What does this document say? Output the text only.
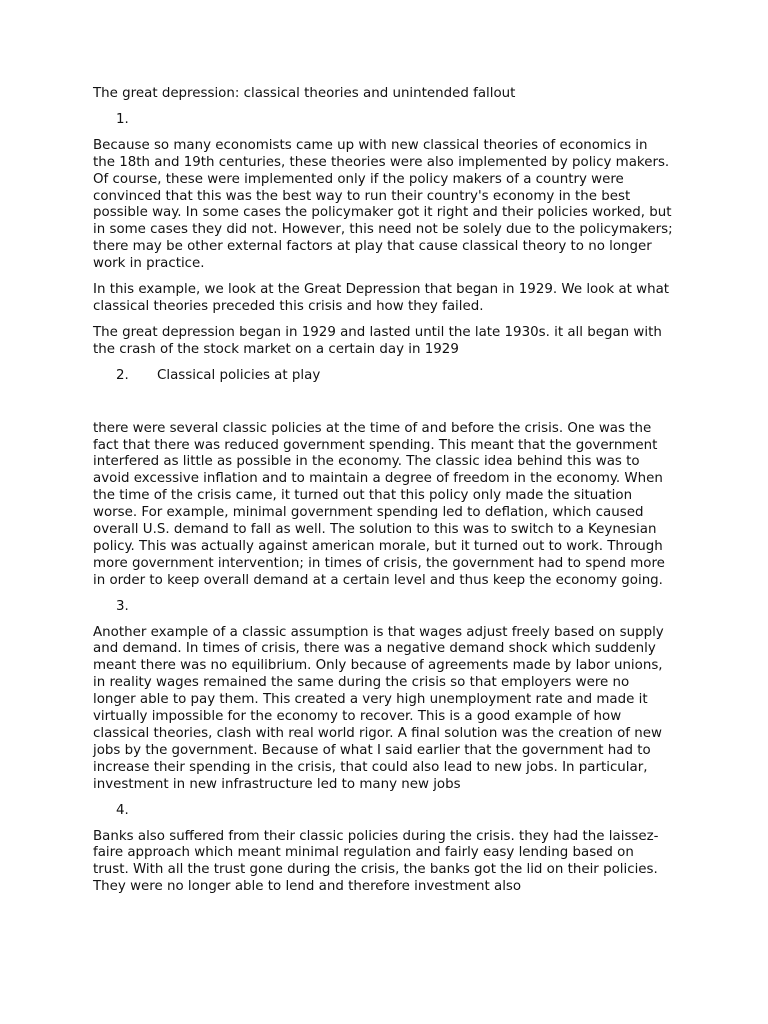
The great depression: classical theories and unintended fallout

1.

Because so many economists came up with new classical theories of economics in the 18th and 19th centuries, these theories were also implemented by policy makers. Of course, these were implemented only if the policy makers of a country were convinced that this was the best way to run their country's economy in the best possible way. In some cases the policymaker got it right and their policies worked, but in some cases they did not. However, this need not be solely due to the policymakers; there may be other external factors at play that cause classical theory to no longer work in practice.

In this example, we look at the Great Depression that began in 1929. We look at what classical theories preceded this crisis and how they failed.

The great depression began in 1929 and lasted until the late 1930s. it all began with the crash of the stock market on a certain day in 1929

2. Classical policies at play

there were several classic policies at the time of and before the crisis. One was the fact that there was reduced government spending. This meant that the government interfered as little as possible in the economy. The classic idea behind this was to avoid excessive inflation and to maintain a degree of freedom in the economy. When the time of the crisis came, it turned out that this policy only made the situation worse. For example, minimal government spending led to deflation, which caused overall U.S. demand to fall as well. The solution to this was to switch to a Keynesian policy. This was actually against american morale, but it turned out to work. Through more government intervention; in times of crisis, the government had to spend more in order to keep overall demand at a certain level and thus keep the economy going.

3.

Another example of a classic assumption is that wages adjust freely based on supply and demand. In times of crisis, there was a negative demand shock which suddenly meant there was no equilibrium. Only because of agreements made by labor unions, in reality wages remained the same during the crisis so that employers were no longer able to pay them. This created a very high unemployment rate and made it virtually impossible for the economy to recover. This is a good example of how classical theories, clash with real world rigor. A final solution was the creation of new jobs by the government. Because of what I said earlier that the government had to increase their spending in the crisis, that could also lead to new jobs. In particular, investment in new infrastructure led to many new jobs

4.

Banks also suffered from their classic policies during the crisis. they had the laissez-faire approach which meant minimal regulation and fairly easy lending based on trust. With all the trust gone during the crisis, the banks got the lid on their policies. They were no longer able to lend and therefore investment also
